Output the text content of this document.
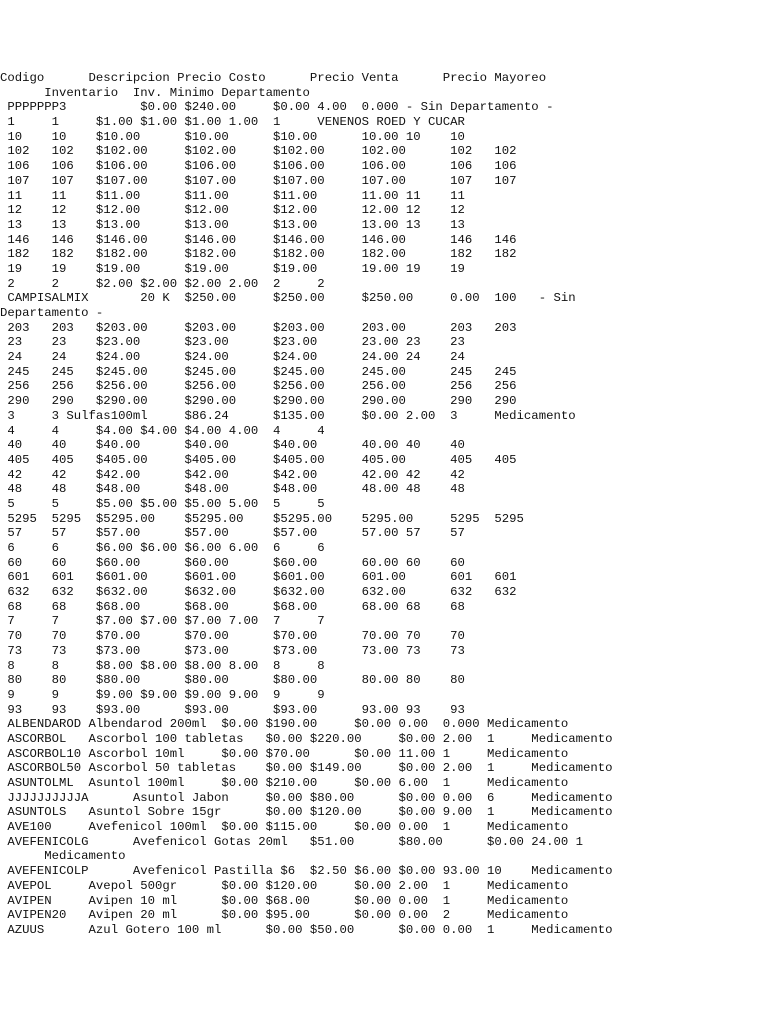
Codigo      Descripcion Precio Costo      Precio Venta      Precio Mayoreo
Inventario  Inv. Minimo Departamento
PPPPPPP3          $0.00 $240.00     $0.00 4.00  0.000 - Sin Departamento -
1     1     $1.00 $1.00 $1.00 1.00  1     VENENOS ROED Y CUCAR
10    10    $10.00      $10.00      $10.00      10.00 10    10
102   102   $102.00     $102.00     $102.00     102.00      102   102
106   106   $106.00     $106.00     $106.00     106.00      106   106
107   107   $107.00     $107.00     $107.00     107.00      107   107
11    11    $11.00      $11.00      $11.00      11.00 11    11
12    12    $12.00      $12.00      $12.00      12.00 12    12
13    13    $13.00      $13.00      $13.00      13.00 13    13
146   146   $146.00     $146.00     $146.00     146.00      146   146
182   182   $182.00     $182.00     $182.00     182.00      182   182
19    19    $19.00      $19.00      $19.00      19.00 19    19
2     2     $2.00 $2.00 $2.00 2.00  2     2
CAMPISALMIX       20 K  $250.00     $250.00     $250.00     0.00  100   - Sin
Departamento -
203   203   $203.00     $203.00     $203.00     203.00      203   203
23    23    $23.00      $23.00      $23.00      23.00 23    23
24    24    $24.00      $24.00      $24.00      24.00 24    24
245   245   $245.00     $245.00     $245.00     245.00      245   245
256   256   $256.00     $256.00     $256.00     256.00      256   256
290   290   $290.00     $290.00     $290.00     290.00      290   290
3     3 Sulfas100ml     $86.24      $135.00     $0.00 2.00  3     Medicamento
4     4     $4.00 $4.00 $4.00 4.00  4     4
40    40    $40.00      $40.00      $40.00      40.00 40    40
405   405   $405.00     $405.00     $405.00     405.00      405   405
42    42    $42.00      $42.00      $42.00      42.00 42    42
48    48    $48.00      $48.00      $48.00      48.00 48    48
5     5     $5.00 $5.00 $5.00 5.00  5     5
5295  5295  $5295.00    $5295.00    $5295.00    5295.00     5295  5295
57    57    $57.00      $57.00      $57.00      57.00 57    57
6     6     $6.00 $6.00 $6.00 6.00  6     6
60    60    $60.00      $60.00      $60.00      60.00 60    60
601   601   $601.00     $601.00     $601.00     601.00      601   601
632   632   $632.00     $632.00     $632.00     632.00      632   632
68    68    $68.00      $68.00      $68.00      68.00 68    68
7     7     $7.00 $7.00 $7.00 7.00  7     7
70    70    $70.00      $70.00      $70.00      70.00 70    70
73    73    $73.00      $73.00      $73.00      73.00 73    73
8     8     $8.00 $8.00 $8.00 8.00  8     8
80    80    $80.00      $80.00      $80.00      80.00 80    80
9     9     $9.00 $9.00 $9.00 9.00  9     9
93    93    $93.00      $93.00      $93.00      93.00 93    93
ALBENDAROD Albendarod 200ml  $0.00 $190.00     $0.00 0.00  0.000 Medicamento
ASCORBOL   Ascorbol 100 tabletas   $0.00 $220.00     $0.00 2.00  1     Medicamento
ASCORBOL10 Ascorbol 10ml     $0.00 $70.00      $0.00 11.00 1     Medicamento
ASCORBOL50 Ascorbol 50 tabletas    $0.00 $149.00     $0.00 2.00  1     Medicamento
ASUNTOLML  Asuntol 100ml     $0.00 $210.00     $0.00 6.00  1     Medicamento
JJJJJJJJJJA      Asuntol Jabon     $0.00 $80.00      $0.00 0.00  6     Medicamento
ASUNTOLS   Asuntol Sobre 15gr      $0.00 $120.00     $0.00 9.00  1     Medicamento
AVE100     Avefenicol 100ml  $0.00 $115.00     $0.00 0.00  1     Medicamento
AVEFENICOLG      Avefenicol Gotas 20ml   $51.00      $80.00      $0.00 24.00 1
Medicamento
AVEFENICOLP      Avefenicol Pastilla $6  $2.50 $6.00 $0.00 93.00 10    Medicamento
AVEPOL     Avepol 500gr      $0.00 $120.00     $0.00 2.00  1     Medicamento
AVIPEN     Avipen 10 ml      $0.00 $68.00      $0.00 0.00  1     Medicamento
AVIPEN20   Avipen 20 ml      $0.00 $95.00      $0.00 0.00  2     Medicamento
AZUUS      Azul Gotero 100 ml      $0.00 $50.00      $0.00 0.00  1     Medicamento
